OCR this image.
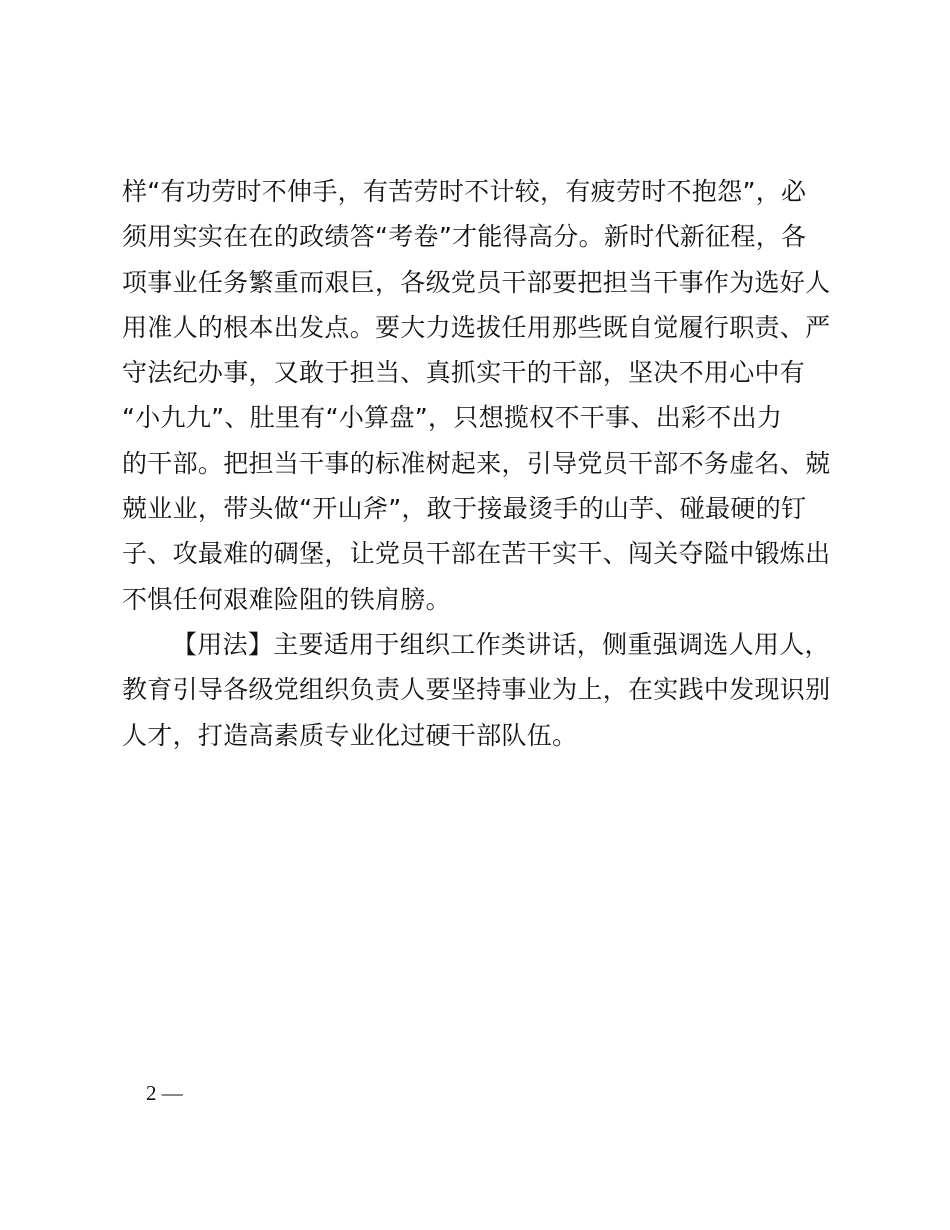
样“有功劳时不伸手，有苦劳时不计较，有疲劳时不抱怨”，必
须用实实在在的政绩答“考卷”才能得高分。新时代新征程，各
项事业任务繁重而艰巨，各级党员干部要把担当干事作为选好人
用准人的根本出发点。要大力选拔任用那些既自觉履行职责、严
守法纪办事，又敢于担当、真抓实干的干部，坚决不用心中有
“小九九”、肚里有“小算盘”，只想揽权不干事、出彩不出力
的干部。把担当干事的标准树起来，引导党员干部不务虚名、兢
兢业业，带头做“开山斧”，敢于接最烫手的山芋、碰最硬的钉
子、攻最难的碉堡，让党员干部在苦干实干、闯关夺隘中锻炼出
不惧任何艰难险阻的铁肩膀。
【用法】主要适用于组织工作类讲话，侧重强调选人用人，
教育引导各级党组织负责人要坚持事业为上，在实践中发现识别
人才，打造高素质专业化过硬干部队伍。
2 —
